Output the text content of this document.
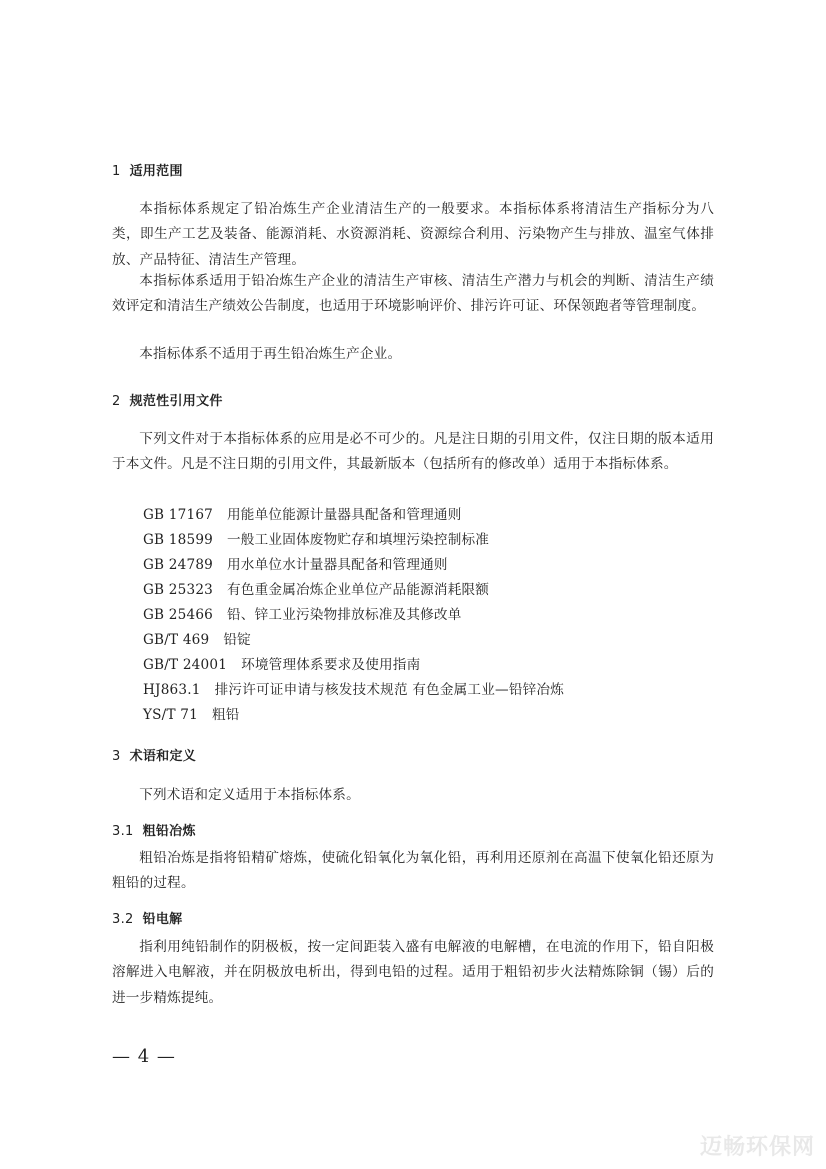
1 适用范围
本指标体系规定了铅冶炼生产企业清洁生产的一般要求。本指标体系将清洁生产指标分为八类，即生产工艺及装备、能源消耗、水资源消耗、资源综合利用、污染物产生与排放、温室气体排放、产品特征、清洁生产管理。
本指标体系适用于铅冶炼生产企业的清洁生产审核、清洁生产潜力与机会的判断、清洁生产绩效评定和清洁生产绩效公告制度，也适用于环境影响评价、排污许可证、环保领跑者等管理制度。
本指标体系不适用于再生铅冶炼生产企业。
2 规范性引用文件
下列文件对于本指标体系的应用是必不可少的。凡是注日期的引用文件，仅注日期的版本适用于本文件。凡是不注日期的引用文件，其最新版本（包括所有的修改单）适用于本指标体系。
GB 17167 用能单位能源计量器具配备和管理通则
GB 18599 一般工业固体废物贮存和填埋污染控制标准
GB 24789 用水单位水计量器具配备和管理通则
GB 25323 有色重金属冶炼企业单位产品能源消耗限额
GB 25466 铅、锌工业污染物排放标准及其修改单
GB/T 469 铅锭
GB/T 24001 环境管理体系要求及使用指南
HJ863.1 排污许可证申请与核发技术规范 有色金属工业—铅锌冶炼
YS/T 71 粗铅
3 术语和定义
下列术语和定义适用于本指标体系。
3.1 粗铅冶炼
粗铅冶炼是指将铅精矿熔炼，使硫化铅氧化为氧化铅，再利用还原剂在高温下使氧化铅还原为粗铅的过程。
3.2 铅电解
指利用纯铅制作的阴极板，按一定间距装入盛有电解液的电解槽，在电流的作用下，铅自阳极溶解进入电解液，并在阴极放电析出，得到电铅的过程。适用于粗铅初步火法精炼除铜（锡）后的进一步精炼提纯。
— 4 —
迈畅环保网
